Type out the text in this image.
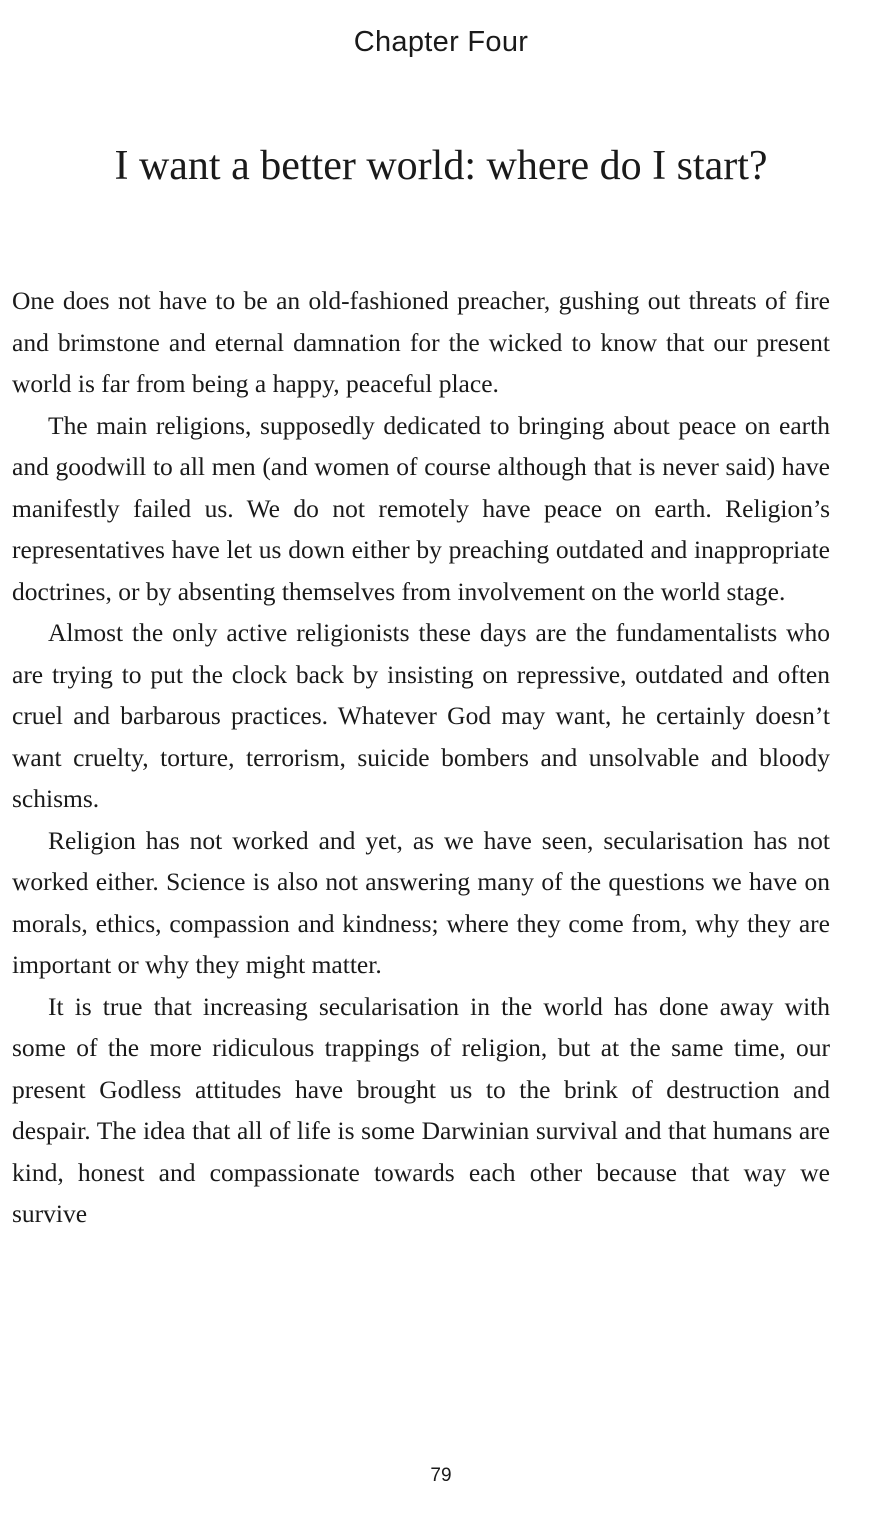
Chapter Four
I want a better world: where do I start?

One does not have to be an old-fashioned preacher, gushing out threats of fire and brimstone and eternal damnation for the wicked to know that our present world is far from being a happy, peaceful place.

The main religions, supposedly dedicated to bringing about peace on earth and goodwill to all men (and women of course although that is never said) have manifestly failed us. We do not remotely have peace on earth. Religion’s representatives have let us down either by preaching outdated and inappropriate doctrines, or by absenting themselves from involvement on the world stage.

Almost the only active religionists these days are the fundamentalists who are trying to put the clock back by insisting on repressive, outdated and often cruel and barbarous practices. Whatever God may want, he certainly doesn’t want cruelty, torture, terrorism, suicide bombers and unsolvable and bloody schisms.

Religion has not worked and yet, as we have seen, secularisation has not worked either. Science is also not answering many of the questions we have on morals, ethics, compassion and kindness; where they come from, why they are important or why they might matter.

It is true that increasing secularisation in the world has done away with some of the more ridiculous trappings of religion, but at the same time, our present Godless attitudes have brought us to the brink of destruction and despair. The idea that all of life is some Darwinian survival and that humans are kind, honest and compassionate towards each other because that way we survive

79
